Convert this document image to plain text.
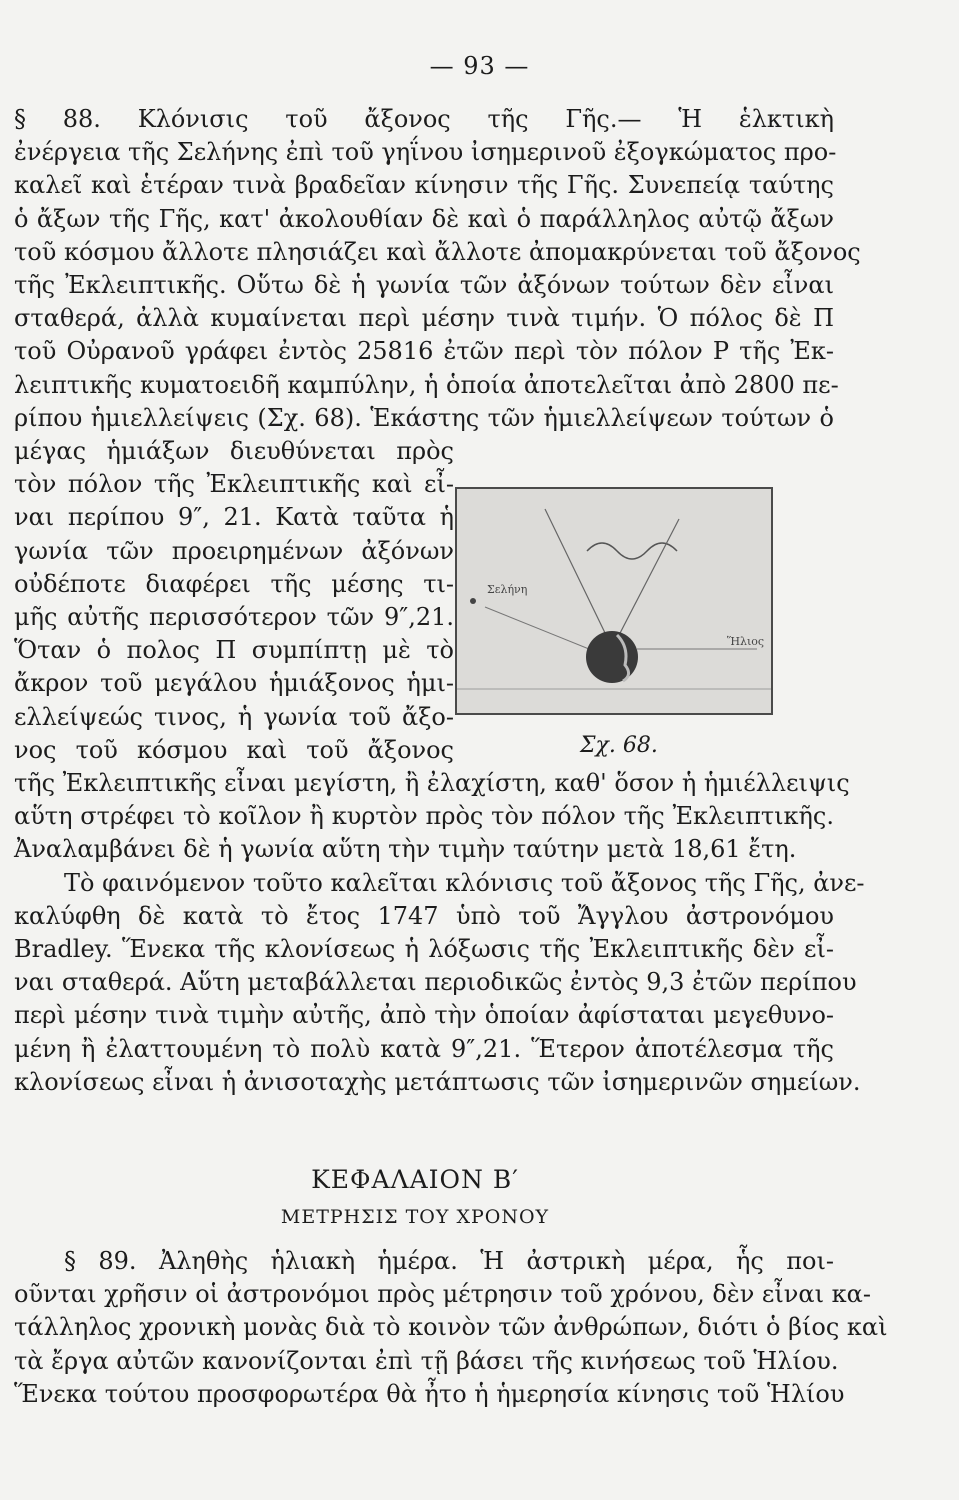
— 93 —
§ 88. Κλόνισις τοῦ ἄξονος τῆς Γῆς.— Ἡ ἑλκτικὴ
ἐνέργεια τῆς Σελήνης ἐπὶ τοῦ γηΐνου ἰσημερινοῦ ἐξογκώματος προ-
καλεῖ καὶ ἑτέραν τινὰ βραδεῖαν κίνησιν τῆς Γῆς. Συνεπείᾳ ταύτης
ὁ ἄξων τῆς Γῆς, κατ' ἀκολουθίαν δὲ καὶ ὁ παράλληλος αὐτῷ ἄξων
τοῦ κόσμου ἄλλοτε πλησιάζει καὶ ἄλλοτε ἀπομακρύνεται τοῦ ἄξονος
τῆς Ἐκλειπτικῆς. Οὕτω δὲ ἡ γωνία τῶν ἀξόνων τούτων δὲν εἶναι
σταθερά, ἀλλὰ κυμαίνεται περὶ μέσην τινὰ τιμήν. Ὁ πόλος δὲ Π
τοῦ Οὐρανοῦ γράφει ἐντὸς 25816 ἐτῶν περὶ τὸν πόλον Ρ τῆς Ἐκ-
λειπτικῆς κυματοειδῆ καμπύλην, ἡ ὁποία ἀποτελεῖται ἀπὸ 2800 πε-
ρίπου ἡμιελλείψεις (Σχ. 68). Ἑκάστης τῶν ἡμιελλείψεων τούτων ὁ
μέγας ἡμιάξων διευθύνεται πρὸς
τὸν πόλον τῆς Ἐκλειπτικῆς καὶ εἶ-
ναι περίπου 9″, 21. Κατὰ ταῦτα ἡ
γωνία τῶν προειρημένων ἀξόνων
οὐδέποτε διαφέρει τῆς μέσης τι-
μῆς αὐτῆς περισσότερον τῶν 9″,21.
Ὅταν ὁ πολος Π συμπίπτῃ μὲ τὸ
ἄκρον τοῦ μεγάλου ἡμιάξονος ἡμι-
ελλείψεώς τινος, ἡ γωνία τοῦ ἄξο-
νος τοῦ κόσμου καὶ τοῦ ἄξονος
Σελήνη
Ἥλιος
Σχ. 68.
τῆς Ἐκλειπτικῆς εἶναι μεγίστη, ἢ ἐλαχίστη, καθ' ὅσον ἡ ἡμιέλλειψις
αὕτη στρέφει τὸ κοῖλον ἢ κυρτὸν πρὸς τὸν πόλον τῆς Ἐκλειπτικῆς.
Ἀναλαμβάνει δὲ ἡ γωνία αὕτη τὴν τιμὴν ταύτην μετὰ 18,61 ἔτη.
Τὸ φαινόμενον τοῦτο καλεῖται κλόνισις τοῦ ἄξονος τῆς Γῆς, ἀνε-
καλύφθη δὲ κατὰ τὸ ἔτος 1747 ὑπὸ τοῦ Ἄγγλου ἀστρονόμου
Bradley. Ἕνεκα τῆς κλονίσεως ἡ λόξωσις τῆς Ἐκλειπτικῆς δὲν εἶ-
ναι σταθερά. Αὕτη μεταβάλλεται περιοδικῶς ἐντὸς 9,3 ἐτῶν περίπου
περὶ μέσην τινὰ τιμὴν αὐτῆς, ἀπὸ τὴν ὁποίαν ἀφίσταται μεγεθυνο-
μένη ἢ ἐλαττουμένη τὸ πολὺ κατὰ 9″,21. Ἕτερον ἀποτέλεσμα τῆς
κλονίσεως εἶναι ἡ ἀνισοταχὴς μετάπτωσις τῶν ἰσημερινῶν σημείων.
ΚΕΦΑΛΑΙΟΝ Β′
ΜΕΤΡΗΣΙΣ ΤΟΥ ΧΡΟΝΟΥ
§ 89. Ἀληθὴς ἡλιακὴ ἡμέρα. Ἡ ἀστρικὴ μέρα, ἧς ποι-
οῦνται χρῆσιν οἱ ἀστρονόμοι πρὸς μέτρησιν τοῦ χρόνου, δὲν εἶναι κα-
τάλληλος χρονικὴ μονὰς διὰ τὸ κοινὸν τῶν ἀνθρώπων, διότι ὁ βίος καὶ
τὰ ἔργα αὐτῶν κανονίζονται ἐπὶ τῇ βάσει τῆς κινήσεως τοῦ Ἡλίου.
Ἕνεκα τούτου προσφορωτέρα θὰ ἦτο ἡ ἡμερησία κίνησις τοῦ Ἡλίου
